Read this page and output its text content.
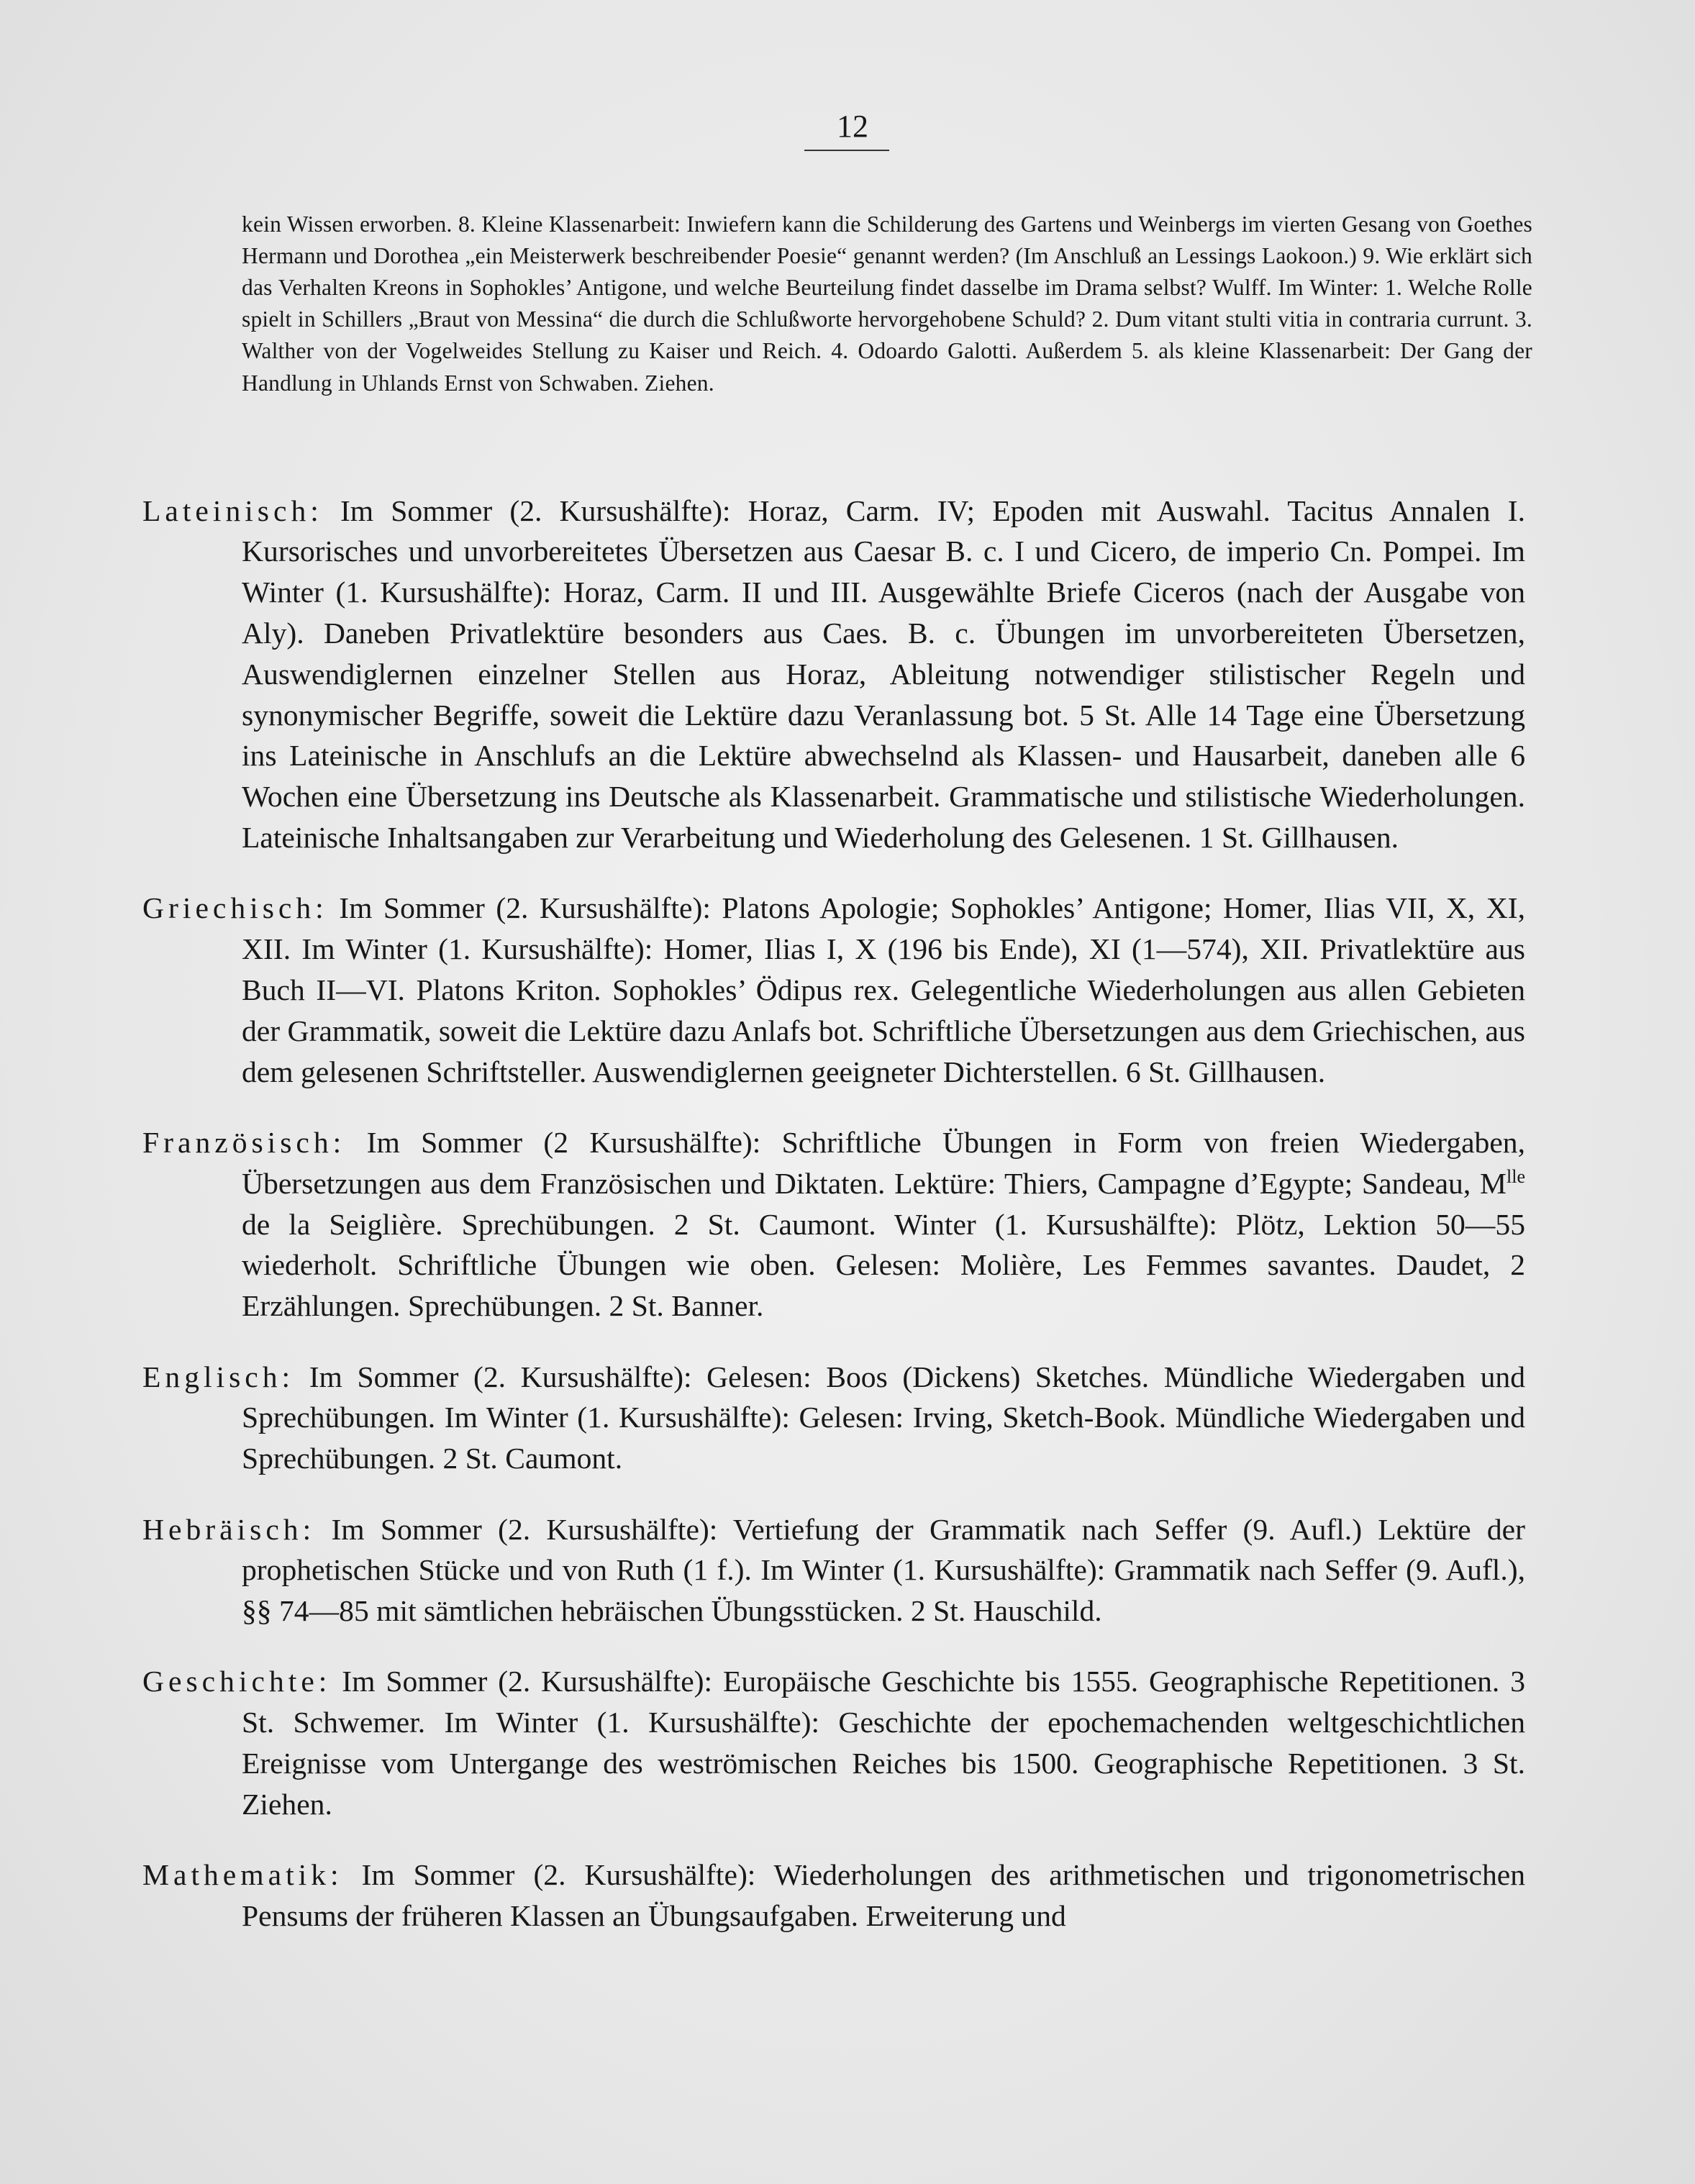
12

kein Wissen erworben. 8. Kleine Klassenarbeit: Inwiefern kann die Schilderung des Gartens und Weinbergs im vierten Gesang von Goethes Hermann und Dorothea „ein Meisterwerk beschreibender Poesie“ genannt werden? (Im Anschluß an Lessings Laokoon.) 9. Wie erklärt sich das Verhalten Kreons in Sophokles’ Antigone, und welche Beurteilung findet dasselbe im Drama selbst? Wulff. Im Winter: 1. Welche Rolle spielt in Schillers „Braut von Messina“ die durch die Schlußworte hervorgehobene Schuld? 2. Dum vitant stulti vitia in contraria currunt. 3. Walther von der Vogelweides Stellung zu Kaiser und Reich. 4. Odoardo Galotti. Außerdem 5. als kleine Klassenarbeit: Der Gang der Handlung in Uhlands Ernst von Schwaben. Ziehen.

Lateinisch: Im Sommer (2. Kursushälfte): Horaz, Carm. IV; Epoden mit Auswahl. Tacitus Annalen I. Kursorisches und unvorbereitetes Übersetzen aus Caesar B. c. I und Cicero, de imperio Cn. Pompei. Im Winter (1. Kursushälfte): Horaz, Carm. II und III. Ausgewählte Briefe Ciceros (nach der Ausgabe von Aly). Daneben Privatlektüre besonders aus Caes. B. c. Übungen im unvorbereiteten Übersetzen, Auswendiglernen einzelner Stellen aus Horaz, Ableitung notwendiger stilistischer Regeln und synonymischer Begriffe, soweit die Lektüre dazu Veranlassung bot. 5 St. Alle 14 Tage eine Übersetzung ins Lateinische in Anschlufs an die Lektüre abwechselnd als Klassen- und Hausarbeit, daneben alle 6 Wochen eine Übersetzung ins Deutsche als Klassenarbeit. Grammatische und stilistische Wiederholungen. Lateinische Inhaltsangaben zur Verarbeitung und Wiederholung des Gelesenen. 1 St. Gillhausen.

Griechisch: Im Sommer (2. Kursushälfte): Platons Apologie; Sophokles’ Antigone; Homer, Ilias VII, X, XI, XII. Im Winter (1. Kursushälfte): Homer, Ilias I, X (196 bis Ende), XI (1—574), XII. Privatlektüre aus Buch II—VI. Platons Kriton. Sophokles’ Ödipus rex. Gelegentliche Wiederholungen aus allen Gebieten der Grammatik, soweit die Lektüre dazu Anlafs bot. Schriftliche Übersetzungen aus dem Griechischen, aus dem gelesenen Schriftsteller. Auswendiglernen geeigneter Dichterstellen. 6 St. Gillhausen.

Französisch: Im Sommer (2 Kursushälfte): Schriftliche Übungen in Form von freien Wiedergaben, Übersetzungen aus dem Französischen und Diktaten. Lektüre: Thiers, Campagne d’Egypte; Sandeau, $M^{lle}$ de la Seiglière. Sprechübungen. 2 St. Caumont. Winter (1. Kursushälfte): Plötz, Lektion 50—55 wiederholt. Schriftliche Übungen wie oben. Gelesen: Molière, Les Femmes savantes. Daudet, 2 Erzählungen. Sprechübungen. 2 St. Banner.

Englisch: Im Sommer (2. Kursushälfte): Gelesen: Boos (Dickens) Sketches. Mündliche Wiedergaben und Sprechübungen. Im Winter (1. Kursushälfte): Gelesen: Irving, Sketch-Book. Mündliche Wiedergaben und Sprechübungen. 2 St. Caumont.

Hebräisch: Im Sommer (2. Kursushälfte): Vertiefung der Grammatik nach Seffer (9. Aufl.) Lektüre der prophetischen Stücke und von Ruth (1 f.). Im Winter (1. Kursushälfte): Grammatik nach Seffer (9. Aufl.), §§ 74—85 mit sämtlichen hebräischen Übungsstücken. 2 St. Hauschild.

Geschichte: Im Sommer (2. Kursushälfte): Europäische Geschichte bis 1555. Geographische Repetitionen. 3 St. Schwemer. Im Winter (1. Kursushälfte): Geschichte der epochemachenden weltgeschichtlichen Ereignisse vom Untergange des weströmischen Reiches bis 1500. Geographische Repetitionen. 3 St. Ziehen.

Mathematik: Im Sommer (2. Kursushälfte): Wiederholungen des arithmetischen und trigonometrischen Pensums der früheren Klassen an Übungsaufgaben. Erweiterung und
